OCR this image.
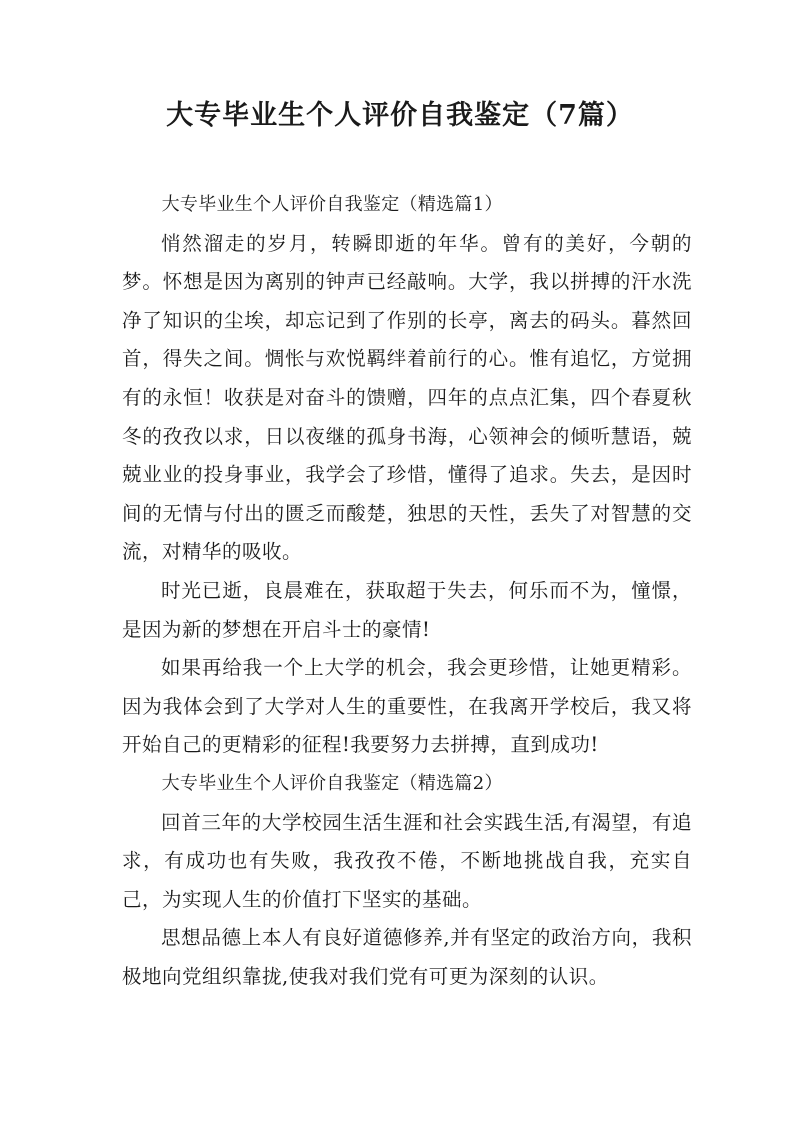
大专毕业生个人评价自我鉴定（7篇）

大专毕业生个人评价自我鉴定（精选篇1）

悄然溜走的岁月，转瞬即逝的年华。曾有的美好，今朝的梦。怀想是因为离别的钟声已经敲响。大学，我以拼搏的汗水洗净了知识的尘埃，却忘记到了作别的长亭，离去的码头。暮然回首，得失之间。惆怅与欢悦羁绊着前行的心。惟有追忆，方觉拥有的永恒！收获是对奋斗的馈赠，四年的点点汇集，四个春夏秋冬的孜孜以求，日以夜继的孤身书海，心领神会的倾听慧语，兢兢业业的投身事业，我学会了珍惜，懂得了追求。失去，是因时间的无情与付出的匮乏而酸楚，独思的天性，丢失了对智慧的交流，对精华的吸收。

时光已逝，良晨难在，获取超于失去，何乐而不为，憧憬，是因为新的梦想在开启斗士的豪情!

如果再给我一个上大学的机会，我会更珍惜，让她更精彩。因为我体会到了大学对人生的重要性，在我离开学校后，我又将开始自己的更精彩的征程!我要努力去拼搏，直到成功!

大专毕业生个人评价自我鉴定（精选篇2）

回首三年的大学校园生活生涯和社会实践生活,有渴望，有追求，有成功也有失败，我孜孜不倦，不断地挑战自我，充实自己，为实现人生的价值打下坚实的基础。

思想品德上本人有良好道德修养,并有坚定的政治方向，我积极地向党组织靠拢,使我对我们党有可更为深刻的认识。
